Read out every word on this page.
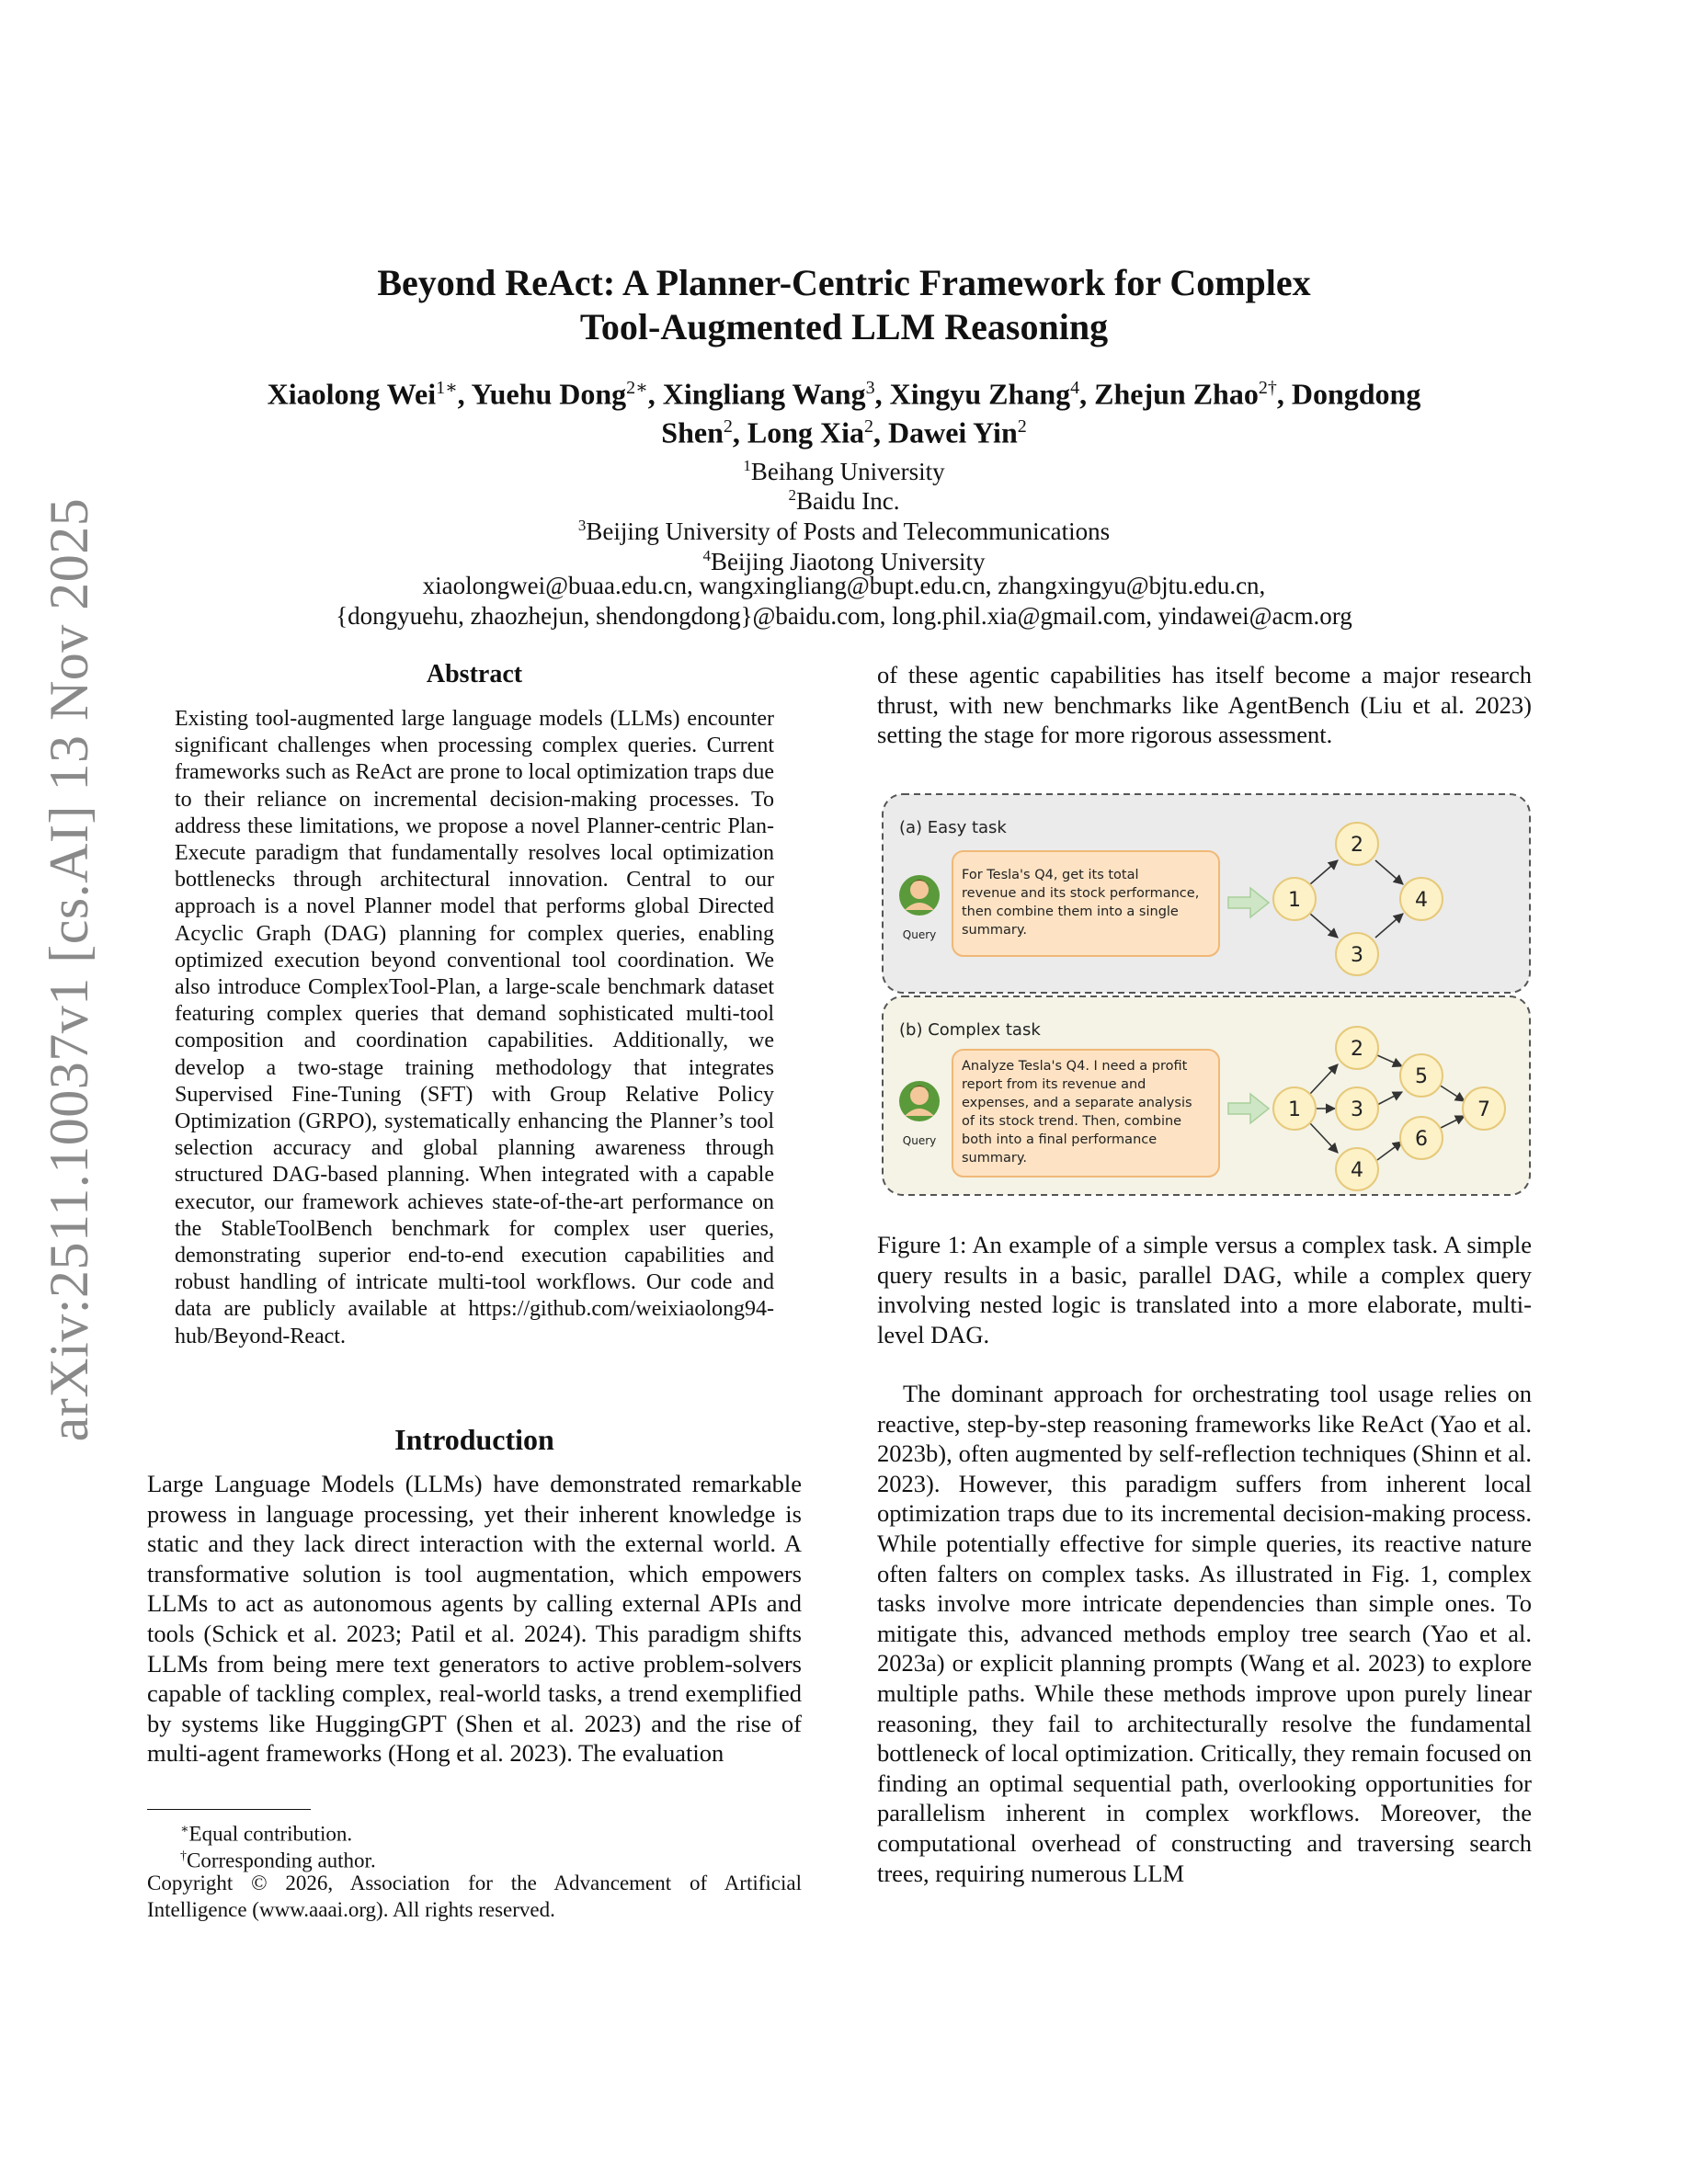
arXiv:2511.10037v1 [cs.AI] 13 Nov 2025
Beyond ReAct: A Planner-Centric Framework for Complex
Tool-Augmented LLM Reasoning
Xiaolong Wei$^{1∗}$, Yuehu Dong$^{2∗}$, Xingliang Wang$^3$, Xingyu Zhang$^4$, Zhejun Zhao$^{2\dagger}$, Dongdong
Shen$^2$, Long Xia$^2$, Dawei Yin$^2$
$^1$Beihang University
$^2$Baidu Inc.
$^3$Beijing University of Posts and Telecommunications
$^4$Beijing Jiaotong University
xiaolongwei@buaa.edu.cn, wangxingliang@bupt.edu.cn, zhangxingyu@bjtu.edu.cn,
{dongyuehu, zhaozhejun, shendongdong}@baidu.com, long.phil.xia@gmail.com, yindawei@acm.org
Abstract
Existing tool-augmented large language models (LLMs) encounter significant challenges when processing complex queries. Current frameworks such as ReAct are prone to local optimization traps due to their reliance on incremental decision-making processes. To address these limitations, we propose a novel Planner-centric Plan-Execute paradigm that fundamentally resolves local optimization bottlenecks through architectural innovation. Central to our approach is a novel Planner model that performs global Directed Acyclic Graph (DAG) planning for complex queries, enabling optimized execution beyond conventional tool coordination. We also introduce ComplexTool-Plan, a large-scale benchmark dataset featuring complex queries that demand sophisticated multi-tool composition and coordination capabilities. Additionally, we develop a two-stage training methodology that integrates Supervised Fine-Tuning (SFT) with Group Relative Policy Optimization (GRPO), systematically enhancing the Planner’s tool selection accuracy and global planning awareness through structured DAG-based planning. When integrated with a capable executor, our framework achieves state-of-the-art performance on the StableToolBench benchmark for complex user queries, demonstrating superior end-to-end execution capabilities and robust handling of intricate multi-tool workflows. Our code and data are publicly available at https://github.com/weixiaolong94-hub/Beyond-React.
Introduction

Large Language Models (LLMs) have demonstrated remarkable prowess in language processing, yet their inherent knowledge is static and they lack direct interaction with the external world. A transformative solution is tool augmentation, which empowers LLMs to act as autonomous agents by calling external APIs and tools (Schick et al. 2023; Patil et al. 2024). This paradigm shifts LLMs from being mere text generators to active problem-solvers capable of tackling complex, real-world tasks, a trend exemplified by systems like HuggingGPT (Shen et al. 2023) and the rise of multi-agent frameworks (Hong et al. 2023). The evaluation

∗Equal contribution.
†Corresponding author.
Copyright © 2026, Association for the Advancement of Artificial Intelligence (www.aaai.org). All rights reserved.

of these agentic capabilities has itself become a major research thrust, with new benchmarks like AgentBench (Liu et al. 2023) setting the stage for more rigorous assessment.

(a) Easy task
Query
For Tesla's Q4, get its total
revenue and its stock performance,
then combine them into a single
summary.
1
2
3
4
(b) Complex task
Query
Analyze Tesla's Q4. I need a profit
report from its revenue and
expenses, and a separate analysis
of its stock trend. Then, combine
both into a final performance
summary.
1
2
3
4
5
6
7
Figure 1: An example of a simple versus a complex task. A simple query results in a basic, parallel DAG, while a complex query involving nested logic is translated into a more elaborate, multi-level DAG.

The dominant approach for orchestrating tool usage relies on reactive, step-by-step reasoning frameworks like ReAct (Yao et al. 2023b), often augmented by self-reflection techniques (Shinn et al. 2023). However, this paradigm suffers from inherent local optimization traps due to its incremental decision-making process. While potentially effective for simple queries, its reactive nature often falters on complex tasks. As illustrated in Fig. 1, complex tasks involve more intricate dependencies than simple ones. To mitigate this, advanced methods employ tree search (Yao et al. 2023a) or explicit planning prompts (Wang et al. 2023) to explore multiple paths. While these methods improve upon purely linear reasoning, they fail to architecturally resolve the fundamental bottleneck of local optimization. Critically, they remain focused on finding an optimal sequential path, overlooking opportunities for parallelism inherent in complex workflows. Moreover, the computational overhead of constructing and traversing search trees, requiring numerous LLM
